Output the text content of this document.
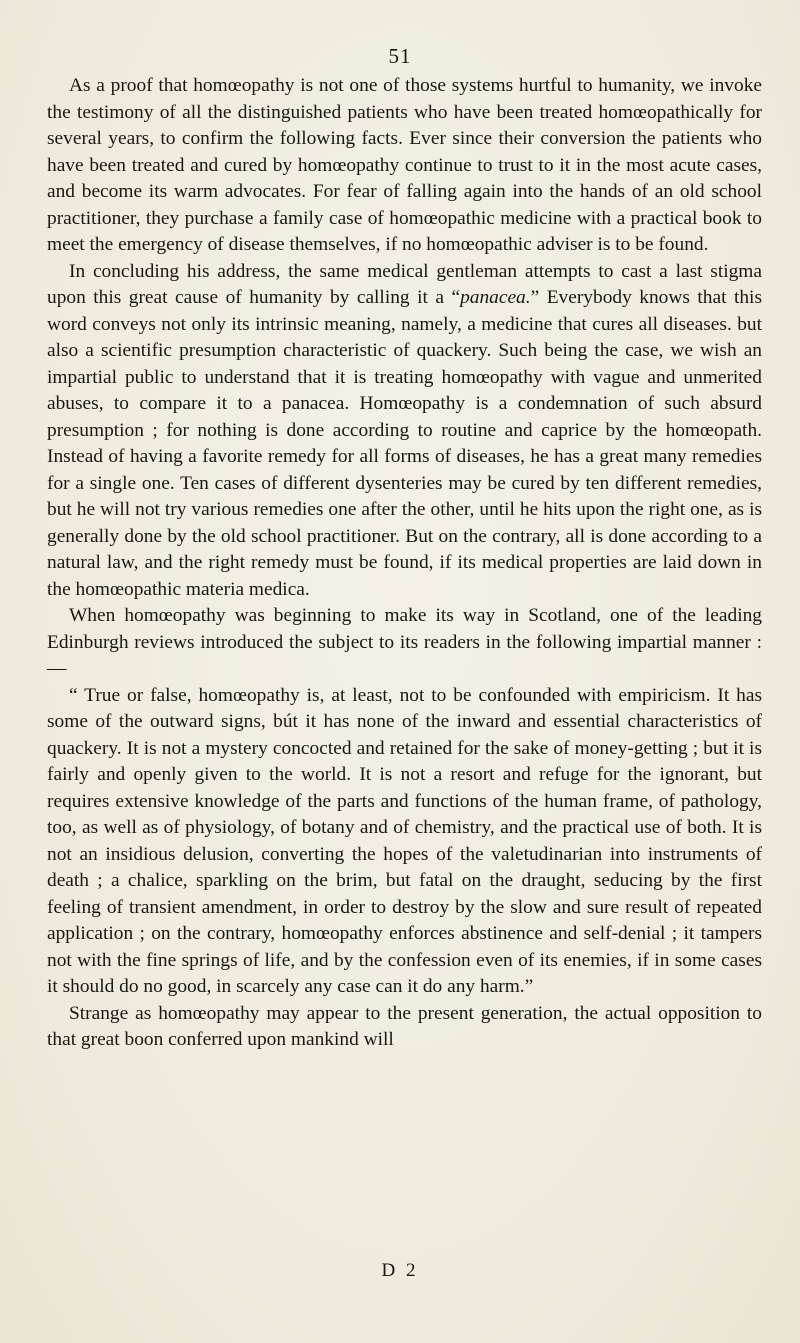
51

As a proof that homœopathy is not one of those systems hurtful to humanity, we invoke the testimony of all the distinguished patients who have been treated homœopathically for several years, to confirm the following facts. Ever since their conversion the patients who have been treated and cured by homœopathy continue to trust to it in the most acute cases, and become its warm advocates. For fear of falling again into the hands of an old school practitioner, they purchase a family case of homœopathic medicine with a practical book to meet the emergency of disease themselves, if no homœopathic adviser is to be found.

In concluding his address, the same medical gentleman attempts to cast a last stigma upon this great cause of humanity by calling it a “panacea.” Everybody knows that this word conveys not only its intrinsic meaning, namely, a medicine that cures all diseases. but also a scientific presumption characteristic of quackery. Such being the case, we wish an impartial public to understand that it is treating homœopathy with vague and unmerited abuses, to compare it to a panacea. Homœopathy is a condemnation of such absurd presumption ; for nothing is done according to routine and caprice by the homœopath. Instead of having a favorite remedy for all forms of diseases, he has a great many remedies for a single one. Ten cases of different dysenteries may be cured by ten different remedies, but he will not try various remedies one after the other, until he hits upon the right one, as is generally done by the old school practitioner. But on the contrary, all is done according to a natural law, and the right remedy must be found, if its medical properties are laid down in the homœopathic materia medica.

When homœopathy was beginning to make its way in Scotland, one of the leading Edinburgh reviews introduced the subject to its readers in the following impartial manner :—

“ True or false, homœopathy is, at least, not to be confounded with empiricism. It has some of the outward signs, bút it has none of the inward and essential characteristics of quackery. It is not a mystery concocted and retained for the sake of money-getting ; but it is fairly and openly given to the world. It is not a resort and refuge for the ignorant, but requires extensive knowledge of the parts and functions of the human frame, of pathology, too, as well as of physiology, of botany and of chemistry, and the practical use of both. It is not an insidious delusion, converting the hopes of the valetudinarian into instruments of death ; a chalice, sparkling on the brim, but fatal on the draught, seducing by the first feeling of transient amendment, in order to destroy by the slow and sure result of repeated application ; on the contrary, homœopathy enforces abstinence and self-denial ; it tampers not with the fine springs of life, and by the confession even of its enemies, if in some cases it should do no good, in scarcely any case can it do any harm.”

Strange as homœopathy may appear to the present generation, the actual opposition to that great boon conferred upon mankind will

D 2
